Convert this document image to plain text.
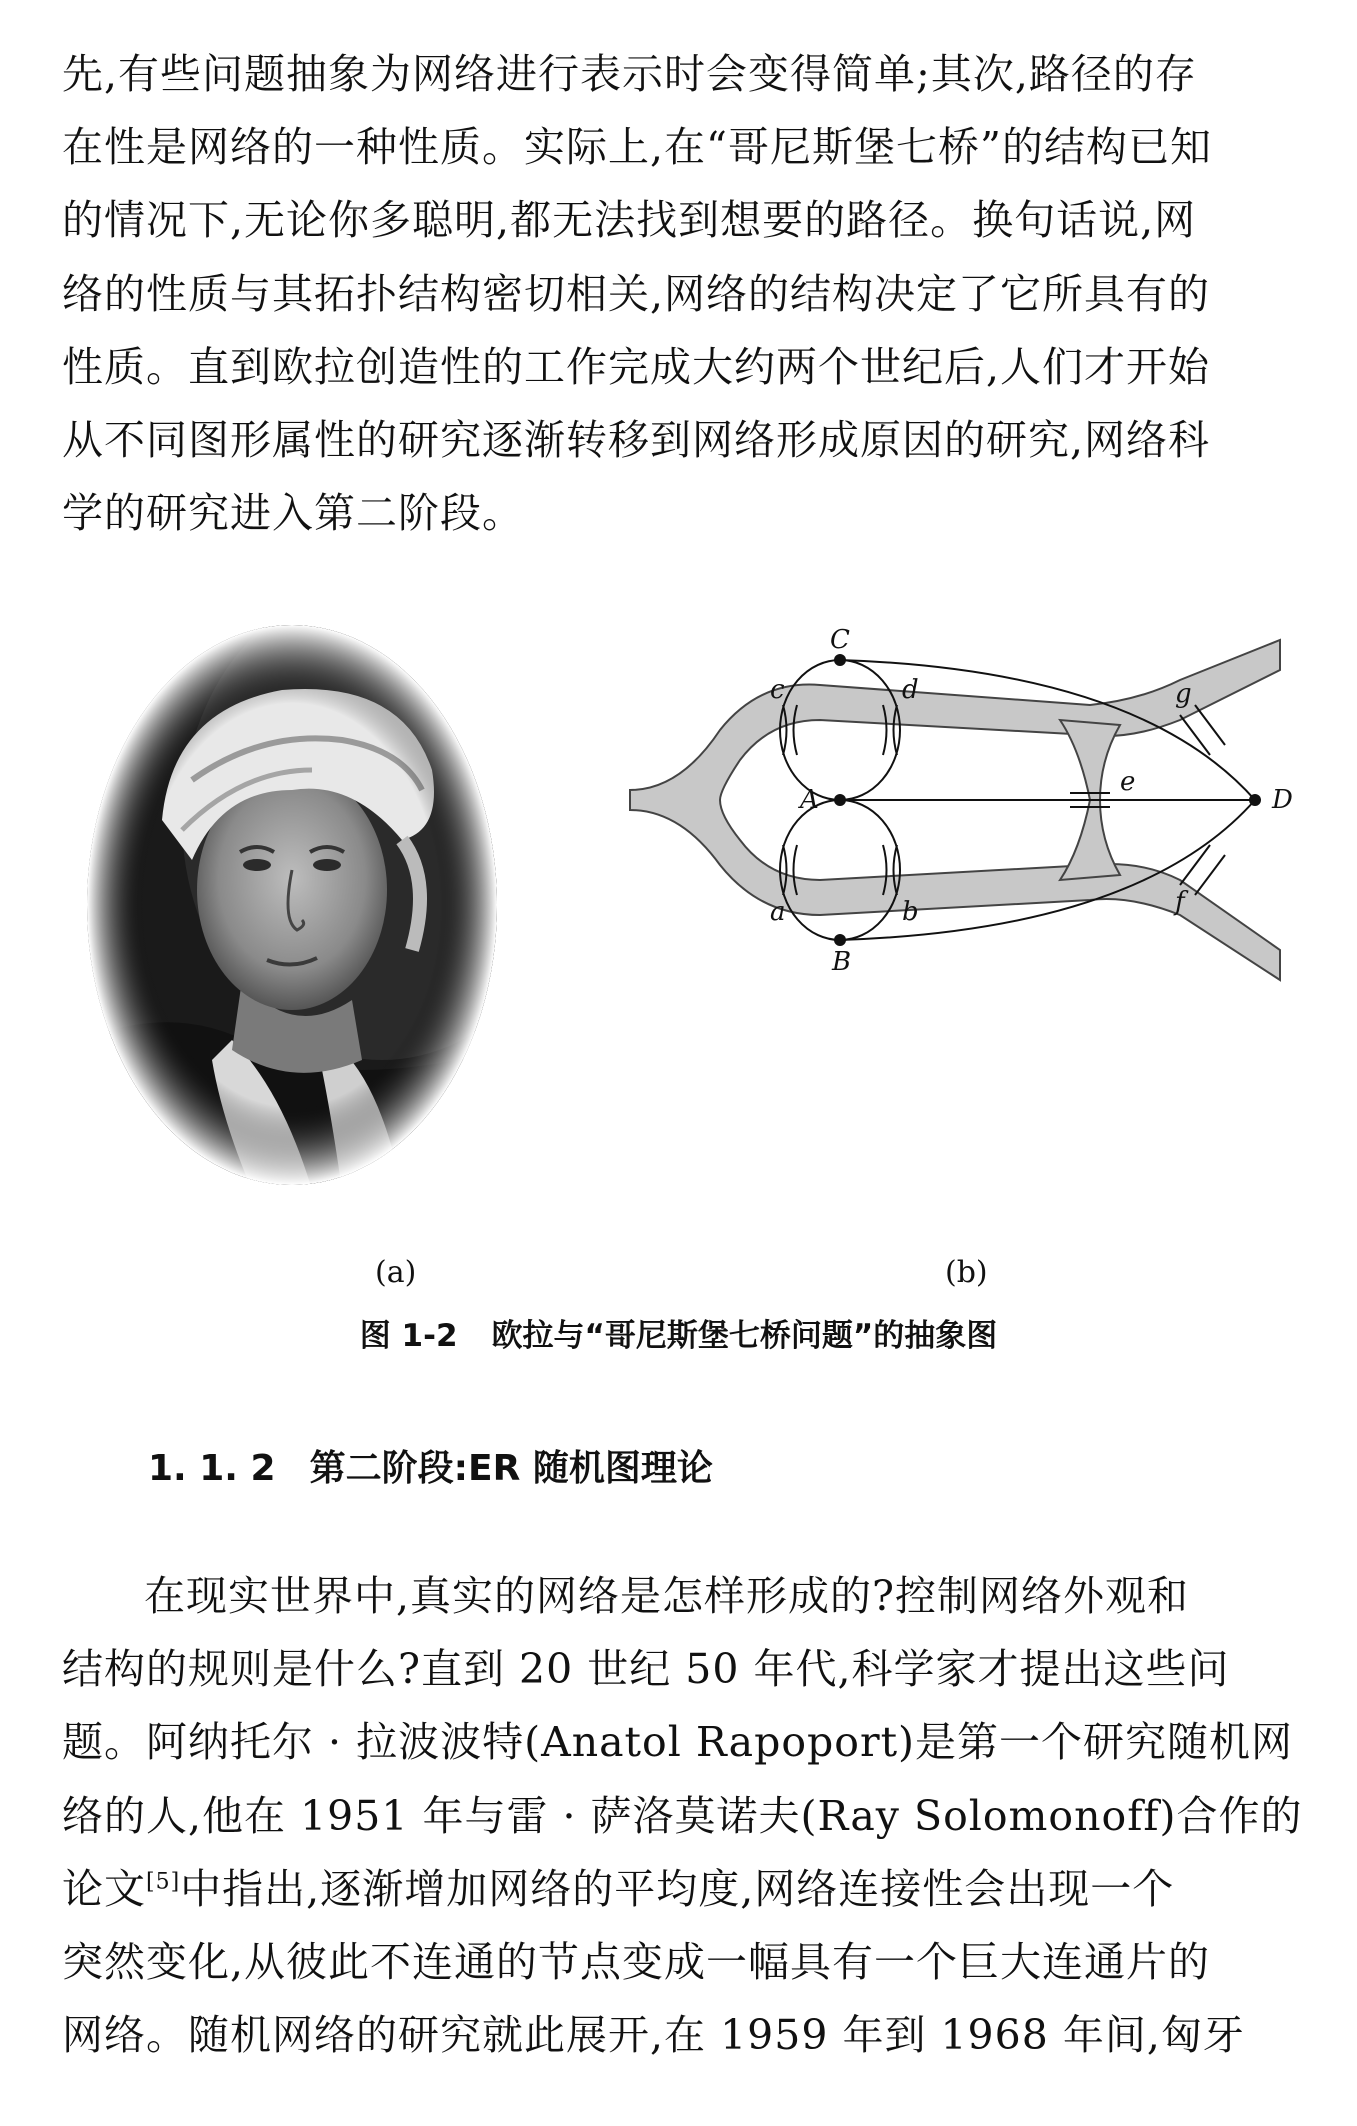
先,有些问题抽象为网络进行表示时会变得简单;其次,路径的存
在性是网络的一种性质。实际上,在“哥尼斯堡七桥”的结构已知
的情况下,无论你多聪明,都无法找到想要的路径。换句话说,网
络的性质与其拓扑结构密切相关,网络的结构决定了它所具有的
性质。直到欧拉创造性的工作完成大约两个世纪后,人们才开始
从不同图形属性的研究逐渐转移到网络形成原因的研究,网络科
学的研究进入第二阶段。
C
A
B
D
c	d
a	b
e
g
f
(a)	(b)
图 1-2 欧拉与“哥尼斯堡七桥问题”的抽象图
1. 1. 2 第二阶段:ER 随机图理论
在现实世界中,真实的网络是怎样形成的?控制网络外观和
结构的规则是什么?直到 20 世纪 50 年代,科学家才提出这些问
题。阿纳托尔 · 拉波波特(Anatol Rapoport)是第一个研究随机网
络的人,他在 1951 年与雷 · 萨洛莫诺夫(Ray Solomonoff)合作的
论文[5]中指出,逐渐增加网络的平均度,网络连接性会出现一个
突然变化,从彼此不连通的节点变成一幅具有一个巨大连通片的
网络。随机网络的研究就此展开,在 1959 年到 1968 年间,匈牙
